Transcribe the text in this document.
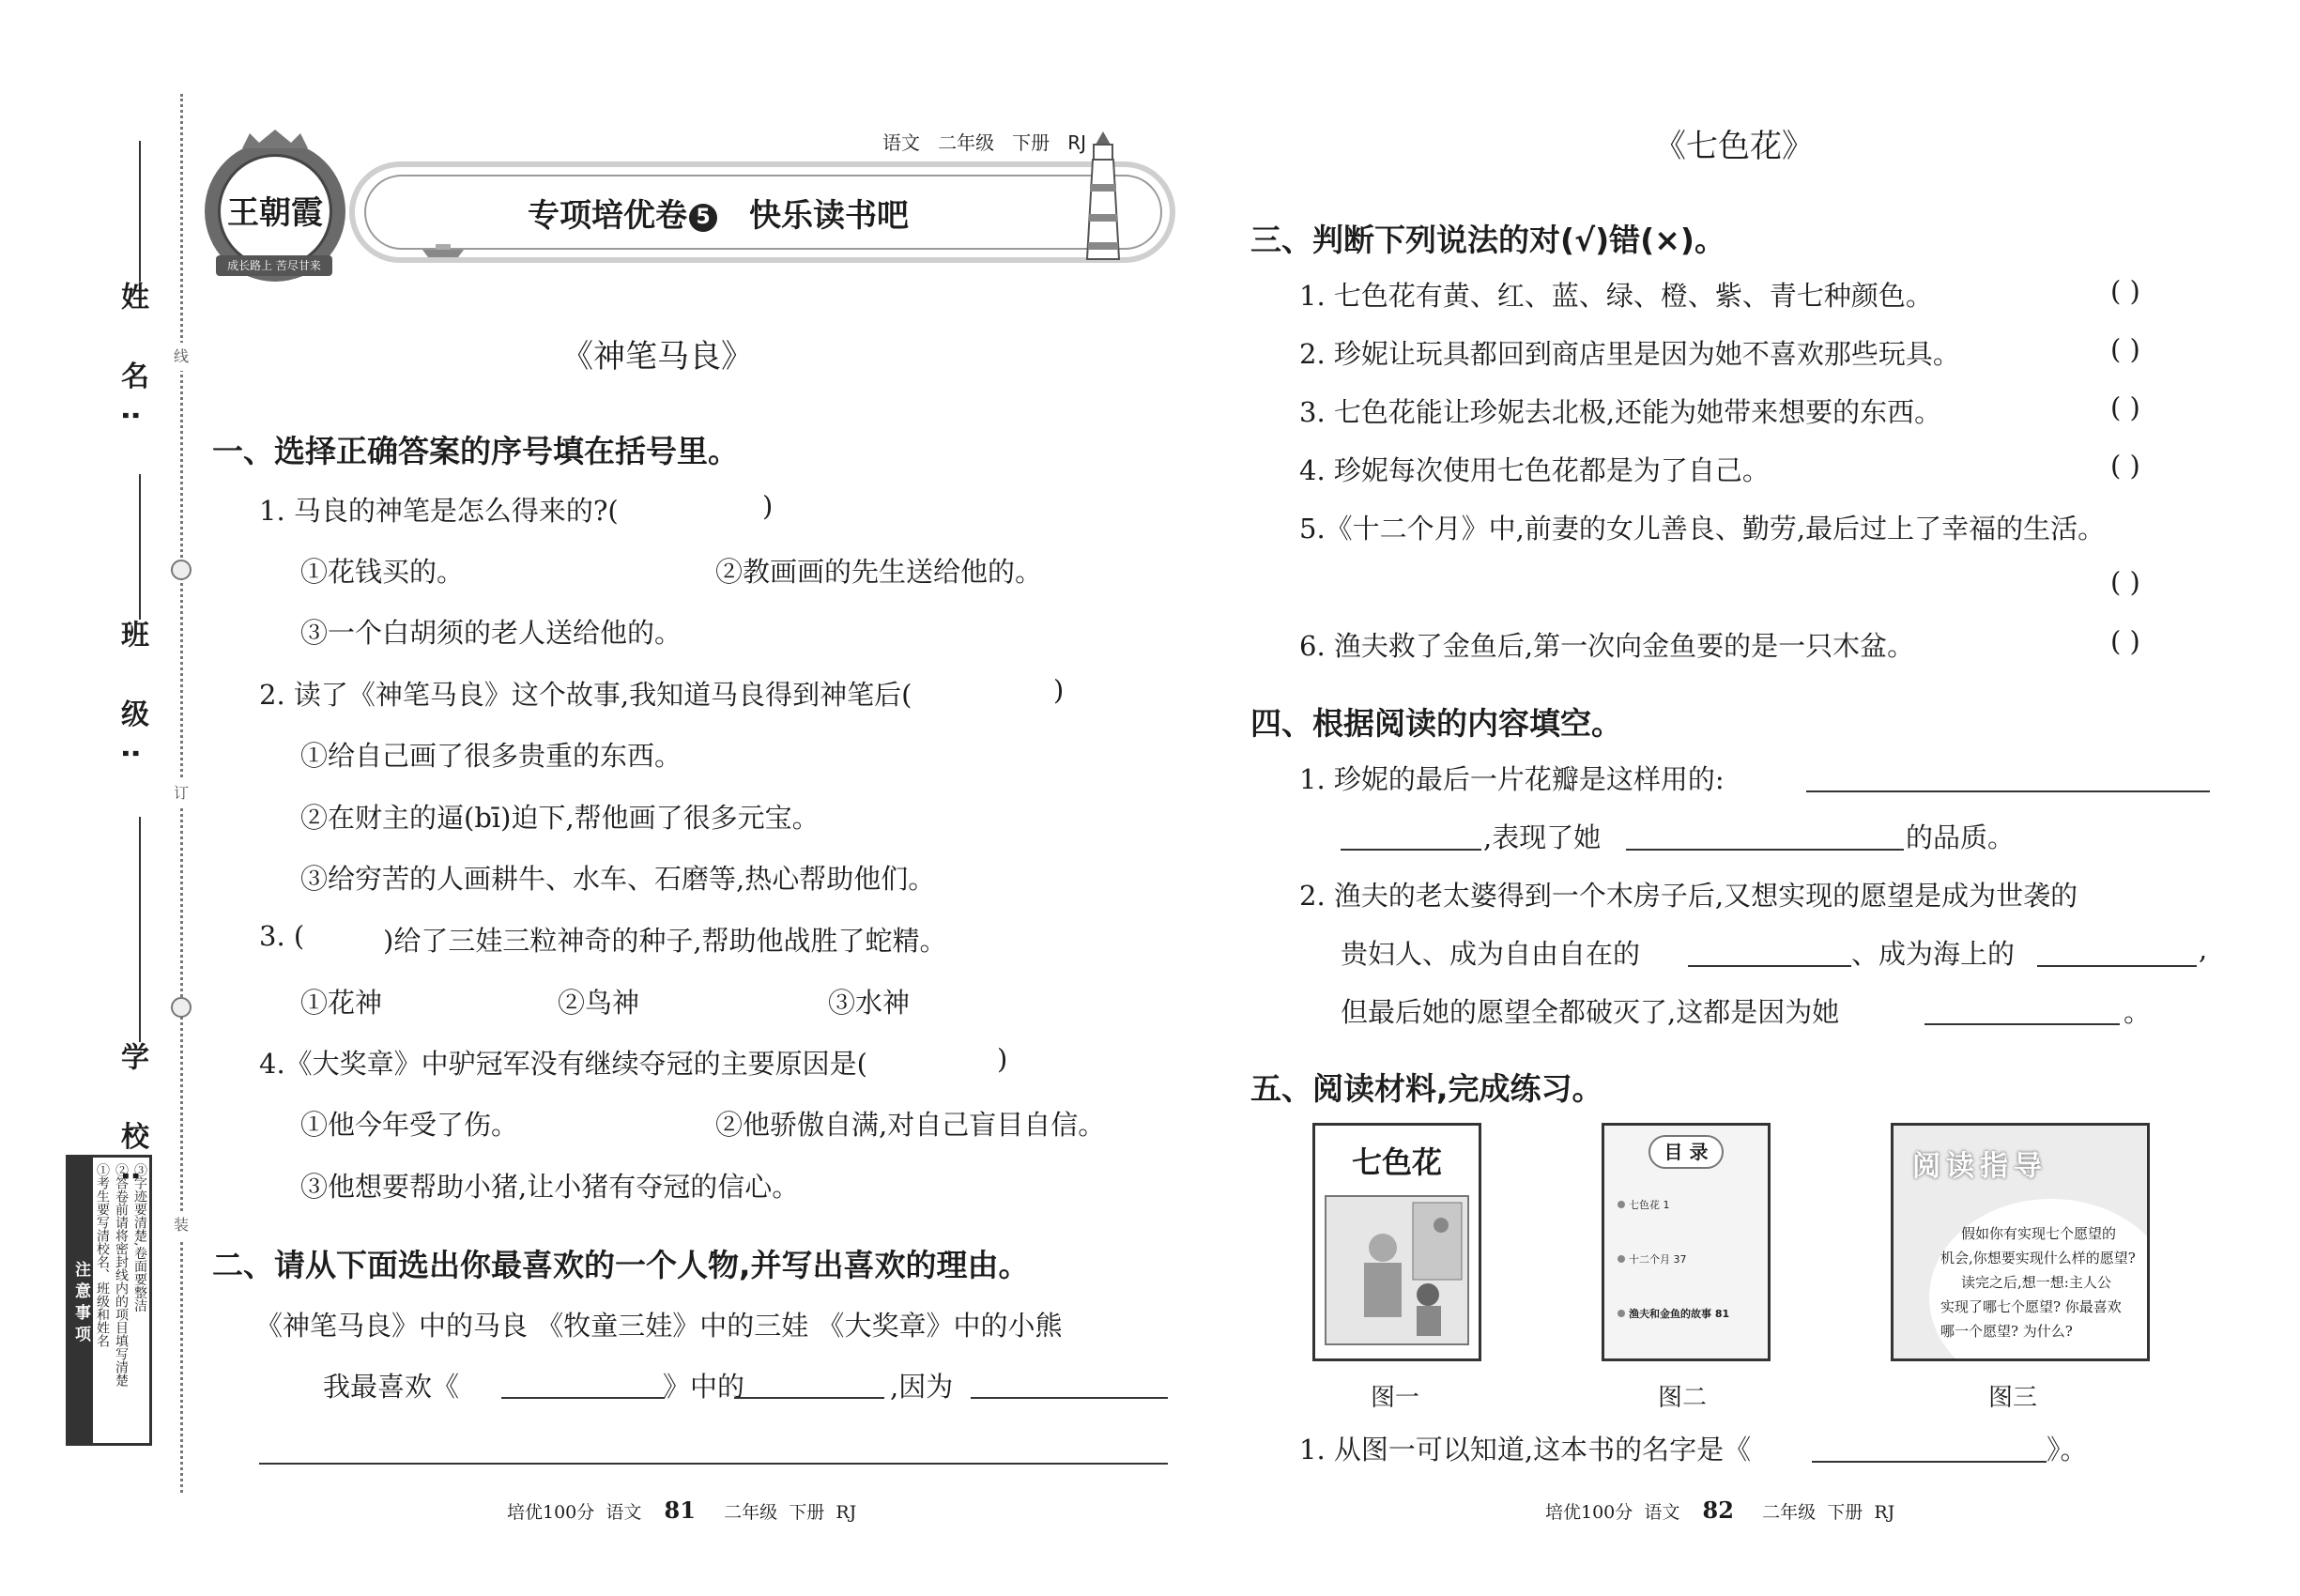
线
订
装
姓 名:
班 级:
学 校:
注意事项 ①考生要写清校名、班级和姓名 ②答卷前请将密封线内的项目填写清楚 ③字迹要清楚,卷面要整洁
王朝霞
成长路上 苦尽甘来
语文 二年级 下册 RJ
专项培优卷 5 快乐读书吧
《神笔马良》
一、选择正确答案的序号填在括号里。
1. 马良的神笔是怎么得来的?(	)
①花钱买的。	②教画画的先生送给他的。
③一个白胡须的老人送给他的。
2. 读了《神笔马良》这个故事,我知道马良得到神笔后(	)
①给自己画了很多贵重的东西。
②在财主的逼(bī)迫下,帮他画了很多元宝。
③给穷苦的人画耕牛、水车、石磨等,热心帮助他们。
3. (	)给了三娃三粒神奇的种子,帮助他战胜了蛇精。
①花神	②鸟神	③水神
4.《大奖章》中驴冠军没有继续夺冠的主要原因是(	)
①他今年受了伤。	②他骄傲自满,对自己盲目自信。
③他想要帮助小猪,让小猪有夺冠的信心。
二、请从下面选出你最喜欢的一个人物,并写出喜欢的理由。
《神笔马良》中的马良 《牧童三娃》中的三娃 《大奖章》中的小熊
我最喜欢《	》中的	,因为
培优100分 语文 81 二年级 下册 RJ
《七色花》
三、判断下列说法的对(√)错(×)。
1. 七色花有黄、红、蓝、绿、橙、紫、青七种颜色。	( )
2. 珍妮让玩具都回到商店里是因为她不喜欢那些玩具。	( )
3. 七色花能让珍妮去北极,还能为她带来想要的东西。	( )
4. 珍妮每次使用七色花都是为了自己。	( )
5.《十二个月》中,前妻的女儿善良、勤劳,最后过上了幸福的生活。
( )
6. 渔夫救了金鱼后,第一次向金鱼要的是一只木盆。	( )
四、根据阅读的内容填空。
1. 珍妮的最后一片花瓣是这样用的:
,表现了她	的品质。
2. 渔夫的老太婆得到一个木房子后,又想实现的愿望是成为世袭的
贵妇人、成为自由自在的	、成为海上的	,
但最后她的愿望全都破灭了,这都是因为她	。
五、阅读材料,完成练习。
七色花
图一
目 录
七色花 1
十二个月 37
渔夫和金鱼的故事 81
图二
阅读指导
假如你有实现七个愿望的
机会,你想要实现什么样的愿望?
读完之后,想一想:主人公
实现了哪七个愿望? 你最喜欢
哪一个愿望? 为什么?
图三
1. 从图一可以知道,这本书的名字是《	》。
培优100分 语文 82 二年级 下册 RJ
